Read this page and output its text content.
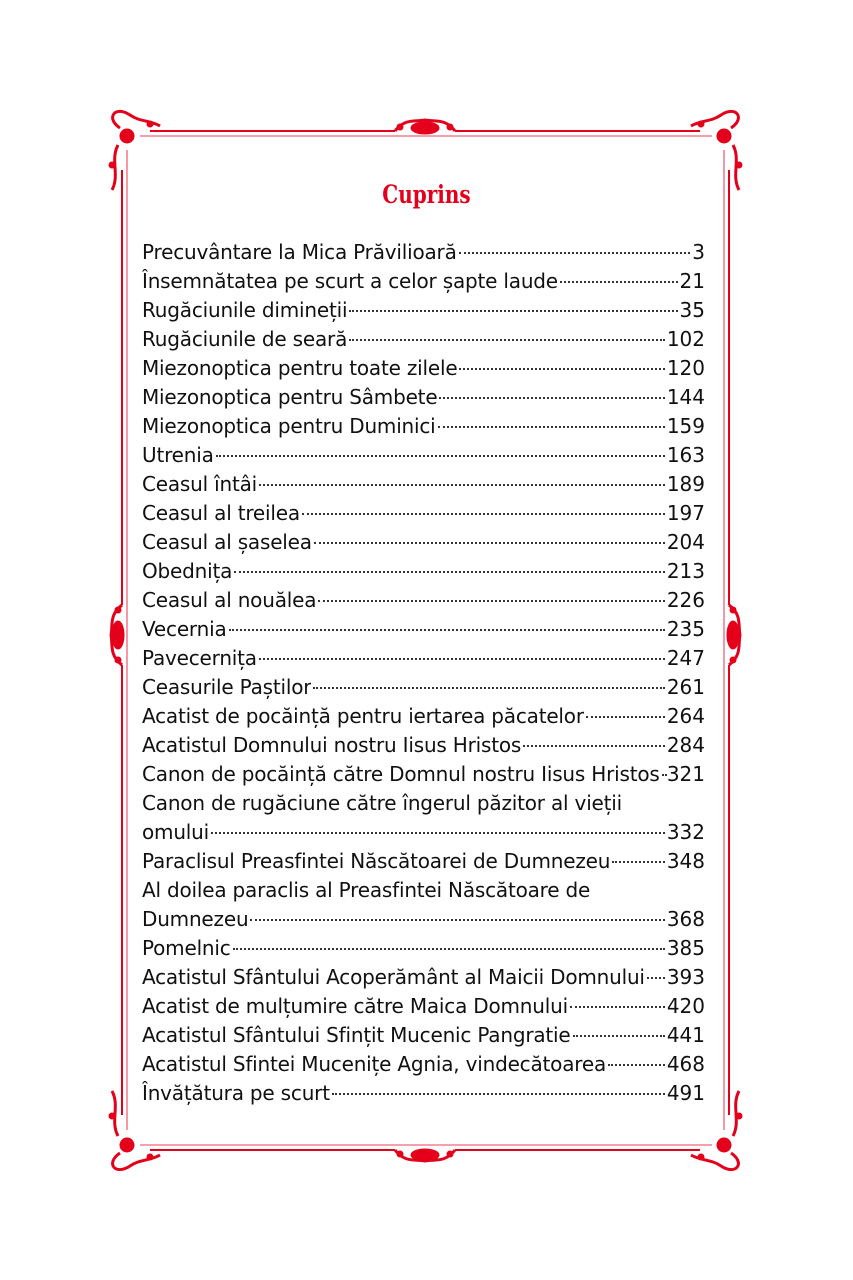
Cuprins
Precuvântare la Mica Prăvilioară	3
Însemnătatea pe scurt a celor șapte laude	21
Rugăciunile dimineții	35
Rugăciunile de seară	102
Miezonoptica pentru toate zilele	120
Miezonoptica pentru Sâmbete	144
Miezonoptica pentru Duminici	159
Utrenia	163
Ceasul întâi	189
Ceasul al treilea	197
Ceasul al șaselea	204
Obednița	213
Ceasul al nouălea	226
Vecernia	235
Pavecernița	247
Ceasurile Paștilor	261
Acatist de pocăință pentru iertarea păcatelor	264
Acatistul Domnului nostru Iisus Hristos	284
Canon de pocăință către Domnul nostru Iisus Hristos 321
Canon de rugăciune către îngerul păzitor al vieții
omului	332
Paraclisul Preasfintei Născătoarei de Dumnezeu	348
Al doilea paraclis al Preasfintei Născătoare de
Dumnezeu	368
Pomelnic	385
Acatistul Sfântului Acoperământ al Maicii Domnului 393
Acatist de mulțumire către Maica Domnului	420
Acatistul Sfântului Sfințit Mucenic Pangratie	441
Acatistul Sfintei Mucenițe Agnia, vindecătoarea	468
Învățătura pe scurt	491
